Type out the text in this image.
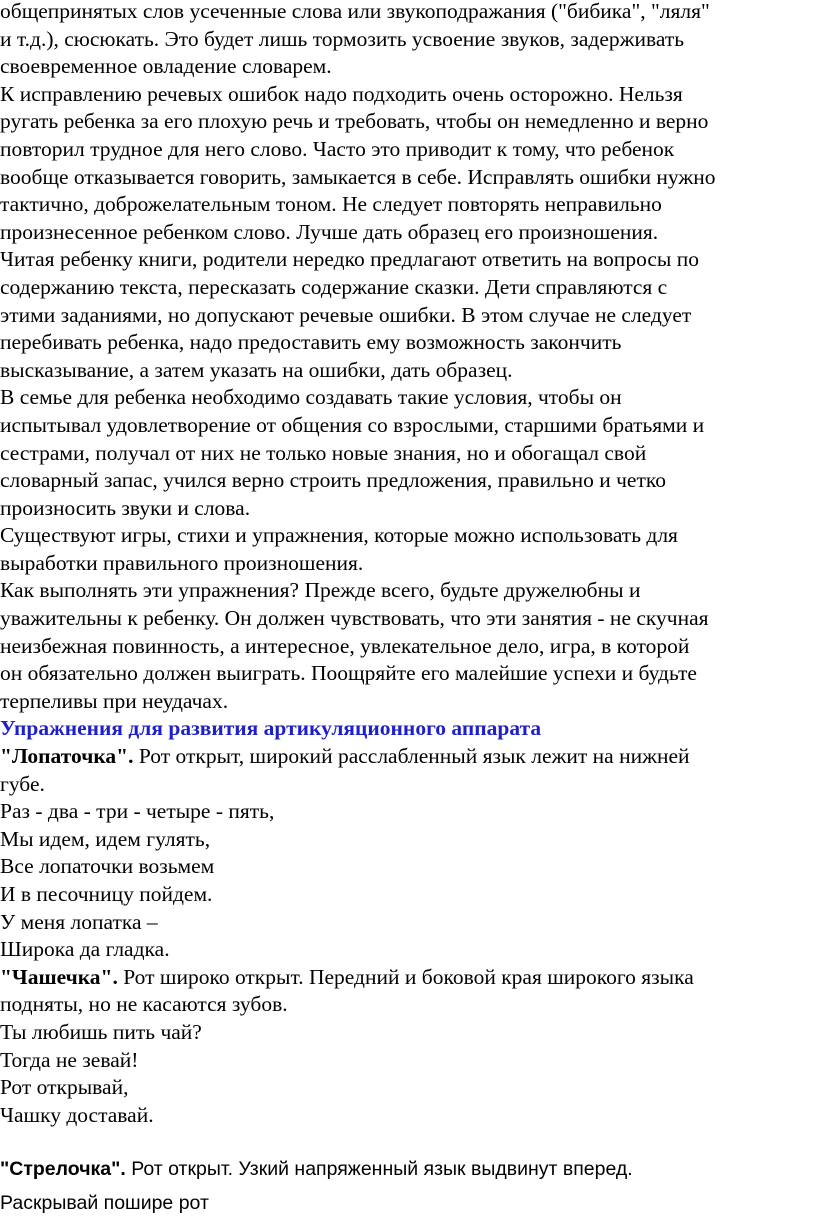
общепринятых слов усеченные слова или звукоподражания ("бибика", "ляля"
и т.д.), сюсюкать. Это будет лишь тормозить усвоение звуков, задерживать
своевременное овладение словарем.
К исправлению речевых ошибок надо подходить очень осторожно. Нельзя
ругать ребенка за его плохую речь и требовать, чтобы он немедленно и верно
повторил трудное для него слово. Часто это приводит к тому, что ребенок
вообще отказывается говорить, замыкается в себе. Исправлять ошибки нужно
тактично, доброжелательным тоном. Не следует повторять неправильно
произнесенное ребенком слово. Лучше дать образец его произношения.
Читая ребенку книги, родители нередко предлагают ответить на вопросы по
содержанию текста, пересказать содержание сказки. Дети справляются с
этими заданиями, но допускают речевые ошибки. В этом случае не следует
перебивать ребенка, надо предоставить ему возможность закончить
высказывание, а затем указать на ошибки, дать образец.
В семье для ребенка необходимо создавать такие условия, чтобы он
испытывал удовлетворение от общения со взрослыми, старшими братьями и
сестрами, получал от них не только новые знания, но и обогащал свой
словарный запас, учился верно строить предложения, правильно и четко
произносить звуки и слова.
Существуют игры, стихи и упражнения, которые можно использовать для
выработки правильного произношения.
Как выполнять эти упражнения? Прежде всего, будьте дружелюбны и
уважительны к ребенку. Он должен чувствовать, что эти занятия - не скучная
неизбежная повинность, а интересное, увлекательное дело, игра, в которой
он обязательно должен выиграть. Поощряйте его малейшие успехи и будьте
терпеливы при неудачах.
Упражнения для развития артикуляционного аппарата
"Лопаточка". Рот открыт, широкий расслабленный язык лежит на нижней
губе.
Раз - два - три - четыре - пять,
Мы идем, идем гулять,
Все лопаточки возьмем
И в песочницу пойдем.
У меня лопатка –
Широка да гладка.
"Чашечка". Рот широко открыт. Передний и боковой края широкого языка
подняты, но не касаются зубов.
Ты любишь пить чай?
Тогда не зевай!
Рот открывай,
Чашку доставай.
"Стрелочка". Рот открыт. Узкий напряженный язык выдвинут вперед.
Раскрывай пошире рот
